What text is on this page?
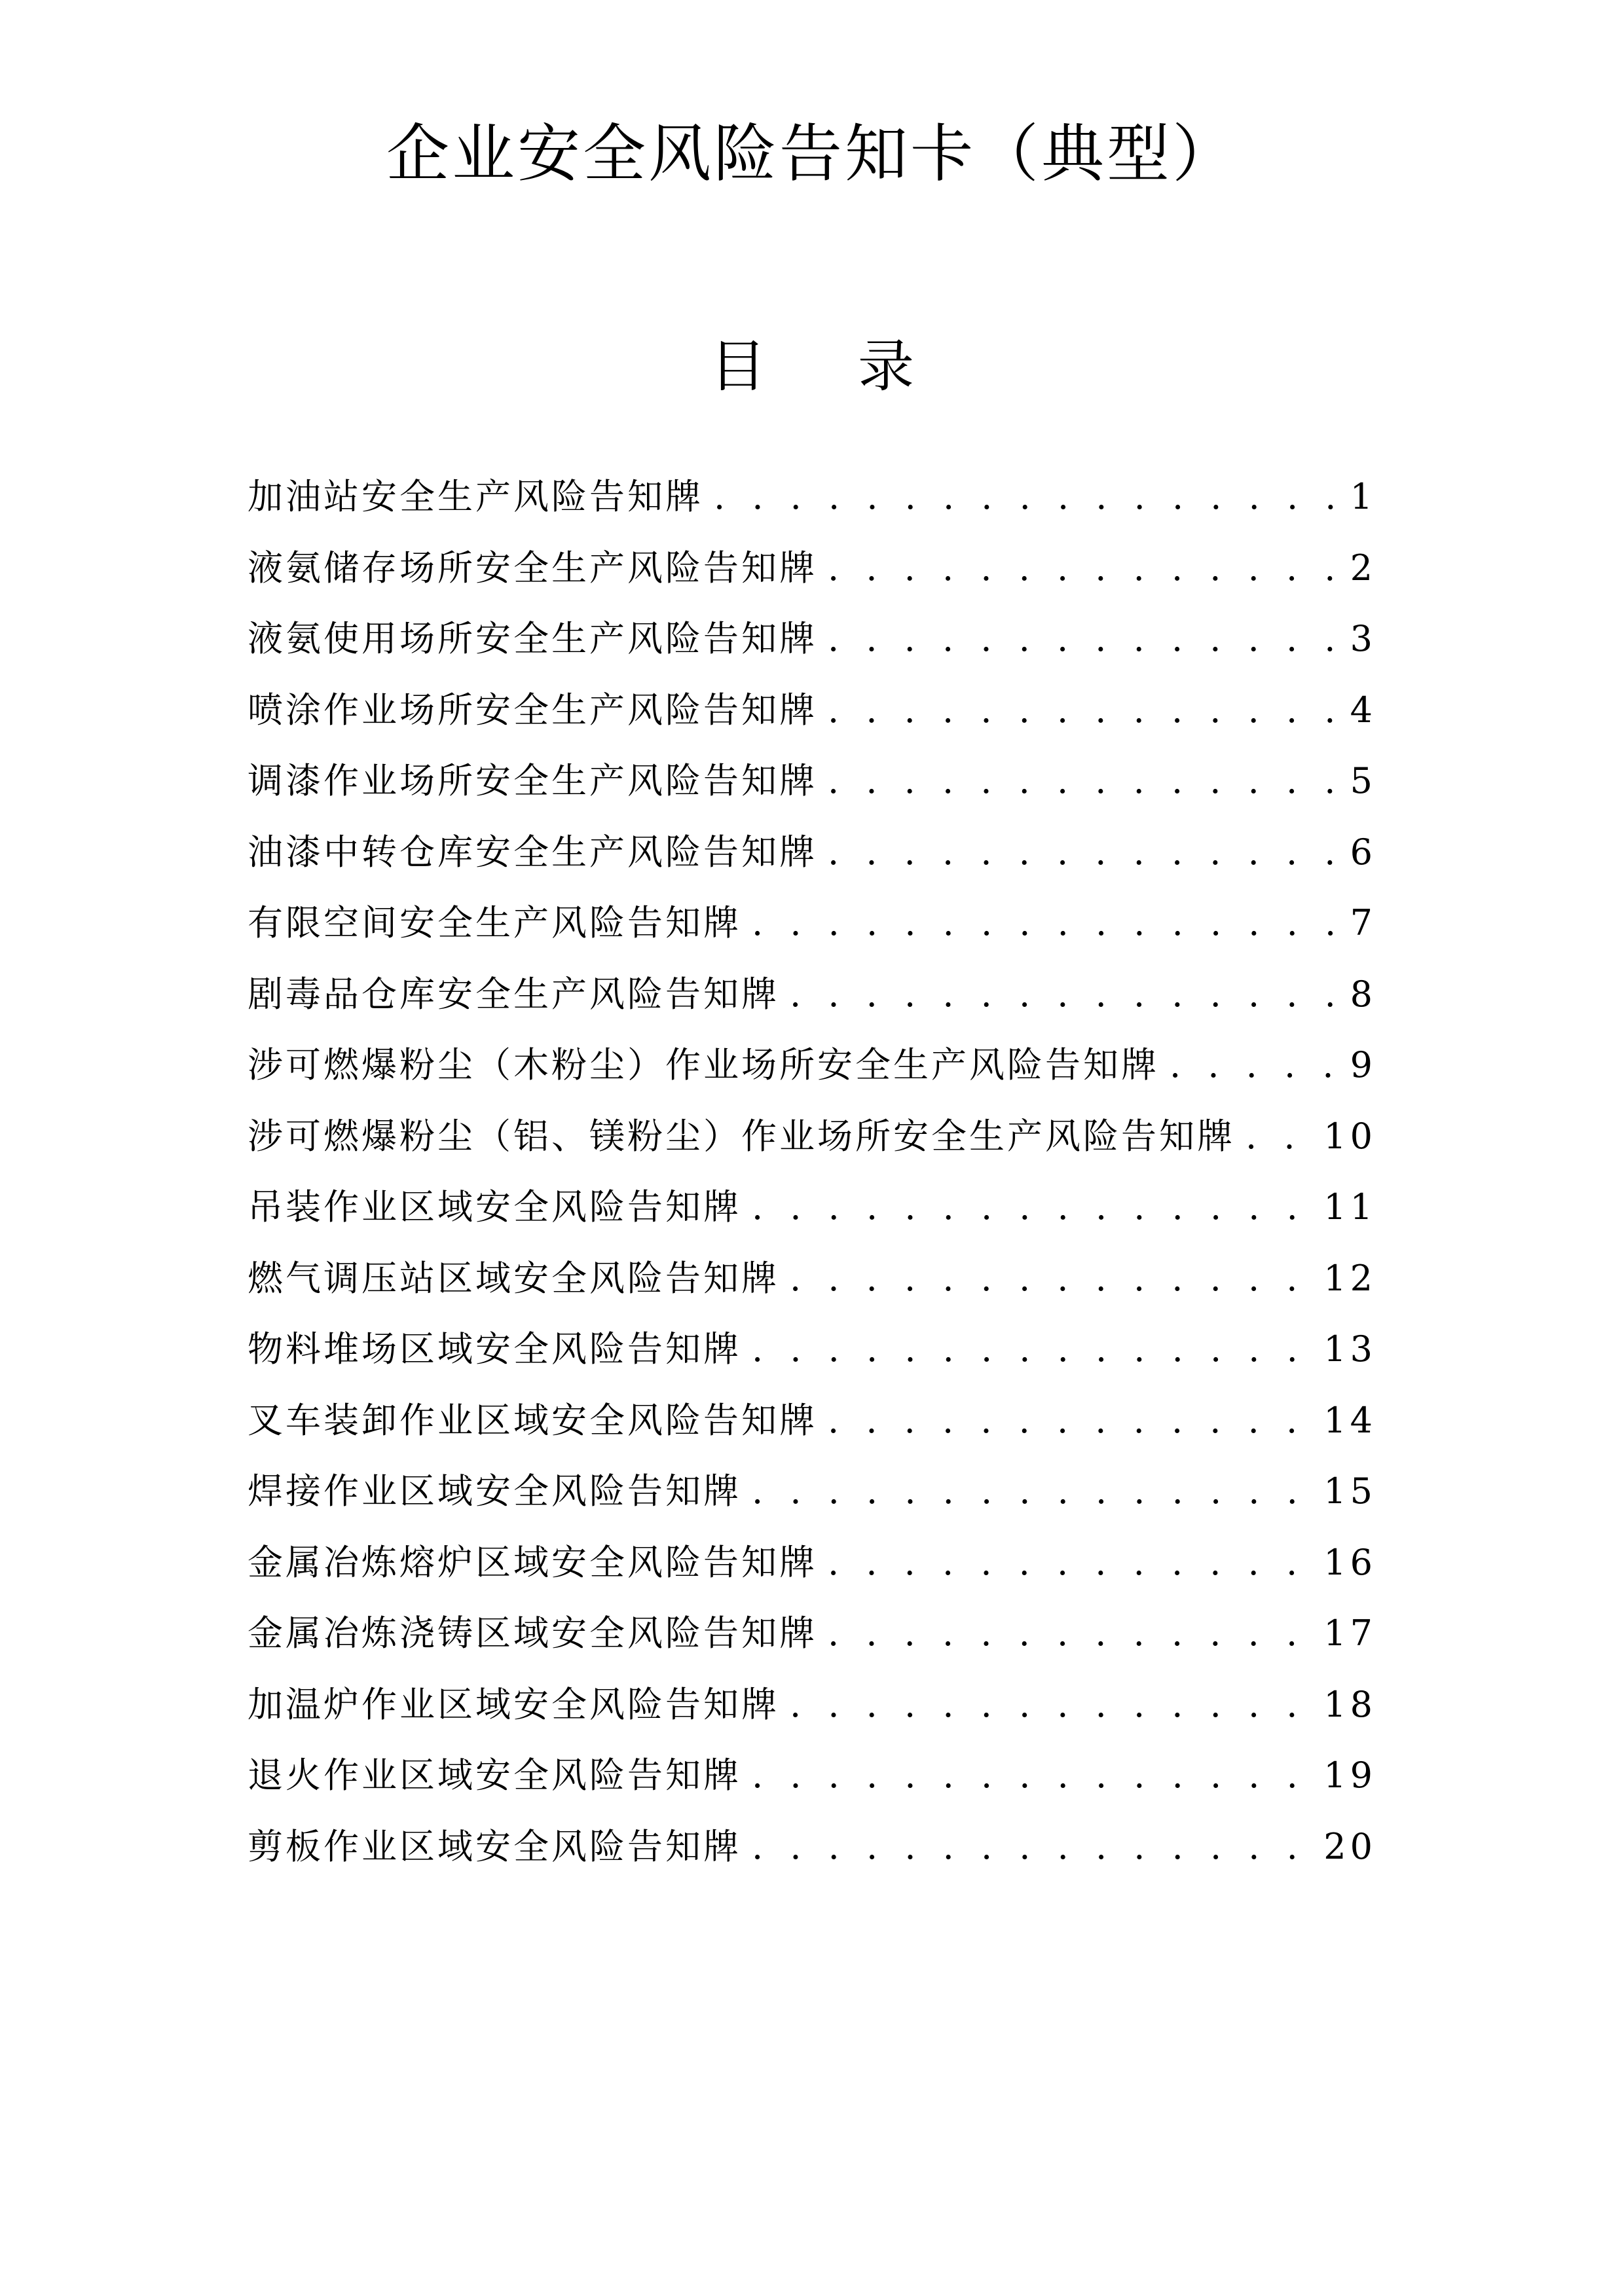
企业安全风险告知卡（典型）
目 录
加油站安全生产风险告知牌 . . .	1
液氨储存场所安全生产风险告知牌 . . .	2
液氨使用场所安全生产风险告知牌 . . .	3
喷涂作业场所安全生产风险告知牌 . . .	4
调漆作业场所安全生产风险告知牌 . . .	5
油漆中转仓库安全生产风险告知牌 . . .	6
有限空间安全生产风险告知牌 . . .	7
剧毒品仓库安全生产风险告知牌 . . .	8
涉可燃爆粉尘（木粉尘）作业场所安全生产风险告知牌 . . .	9
涉可燃爆粉尘（铝、镁粉尘）作业场所安全生产风险告知牌 . . .	10
吊装作业区域安全风险告知牌 . . .	11
燃气调压站区域安全风险告知牌 . . .	12
物料堆场区域安全风险告知牌 . . .	13
叉车装卸作业区域安全风险告知牌 . . .	14
焊接作业区域安全风险告知牌 . . .	15
金属冶炼熔炉区域安全风险告知牌 . . .	16
金属冶炼浇铸区域安全风险告知牌 . . .	17
加温炉作业区域安全风险告知牌 . . .	18
退火作业区域安全风险告知牌 . . .	19
剪板作业区域安全风险告知牌 . . .	20
